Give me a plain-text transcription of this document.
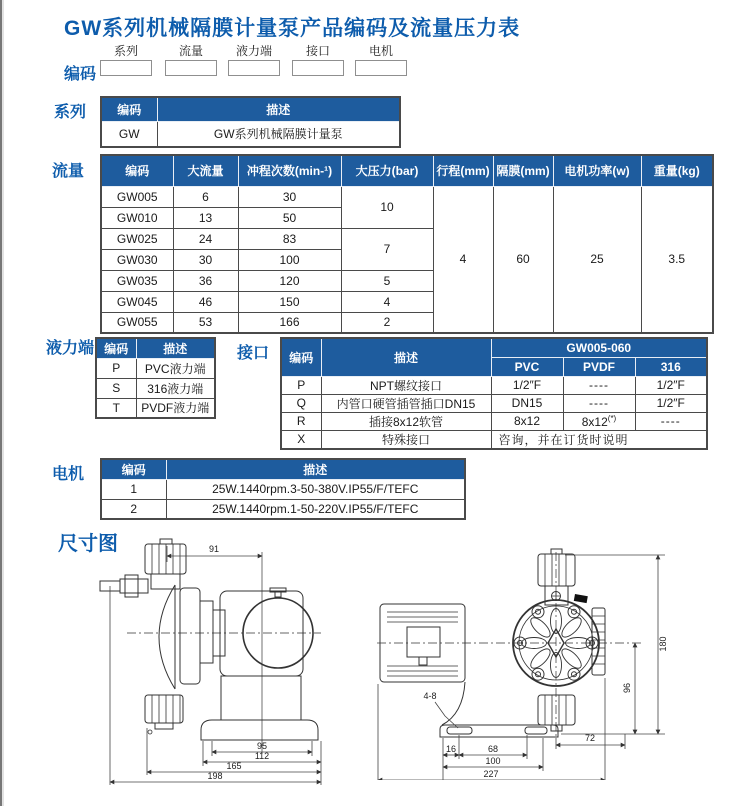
GW系列机械隔膜计量泵产品编码及流量压力表
编码
系列	流量	液力端	接口	电机
系列	编码	描述
GW	GW系列机械隔膜计量泵
流量	编码	大流量	冲程次数(min-¹)	大压力(bar)	行程(mm)	隔膜(mm)	电机功率(w)	重量(kg)
GW005	6	30	10	4	60	25	3.5
GW010	13	50					
GW025	24	83	7				
GW030	30	100					
GW035	36	120	5				
GW045	46	150	4				
GW055	53	166	2				
液力端 编码	描述
P	PVC液力端
S	316液力端
T	PVDF液力端
接口 编码	描述	GW005-060		
		PVC	PVDF	316
P	NPT螺纹接口	1/2″F	----	1/2″F
Q	内管口硬管插管插口DN15	DN15	----	1/2″F
R	插接8x12软管	8x12	8x12(*)	----
X	特殊接口	咨询，并在订货时说明		
电机	编码	描述
1	25W.1440rpm.3-50-380V.IP55/F/TEFC
2	25W.1440rpm.1-50-220V.IP55/F/TEFC
尺寸图	91
95
112
165
198
180
96
72
16	68
100
227
4-8
